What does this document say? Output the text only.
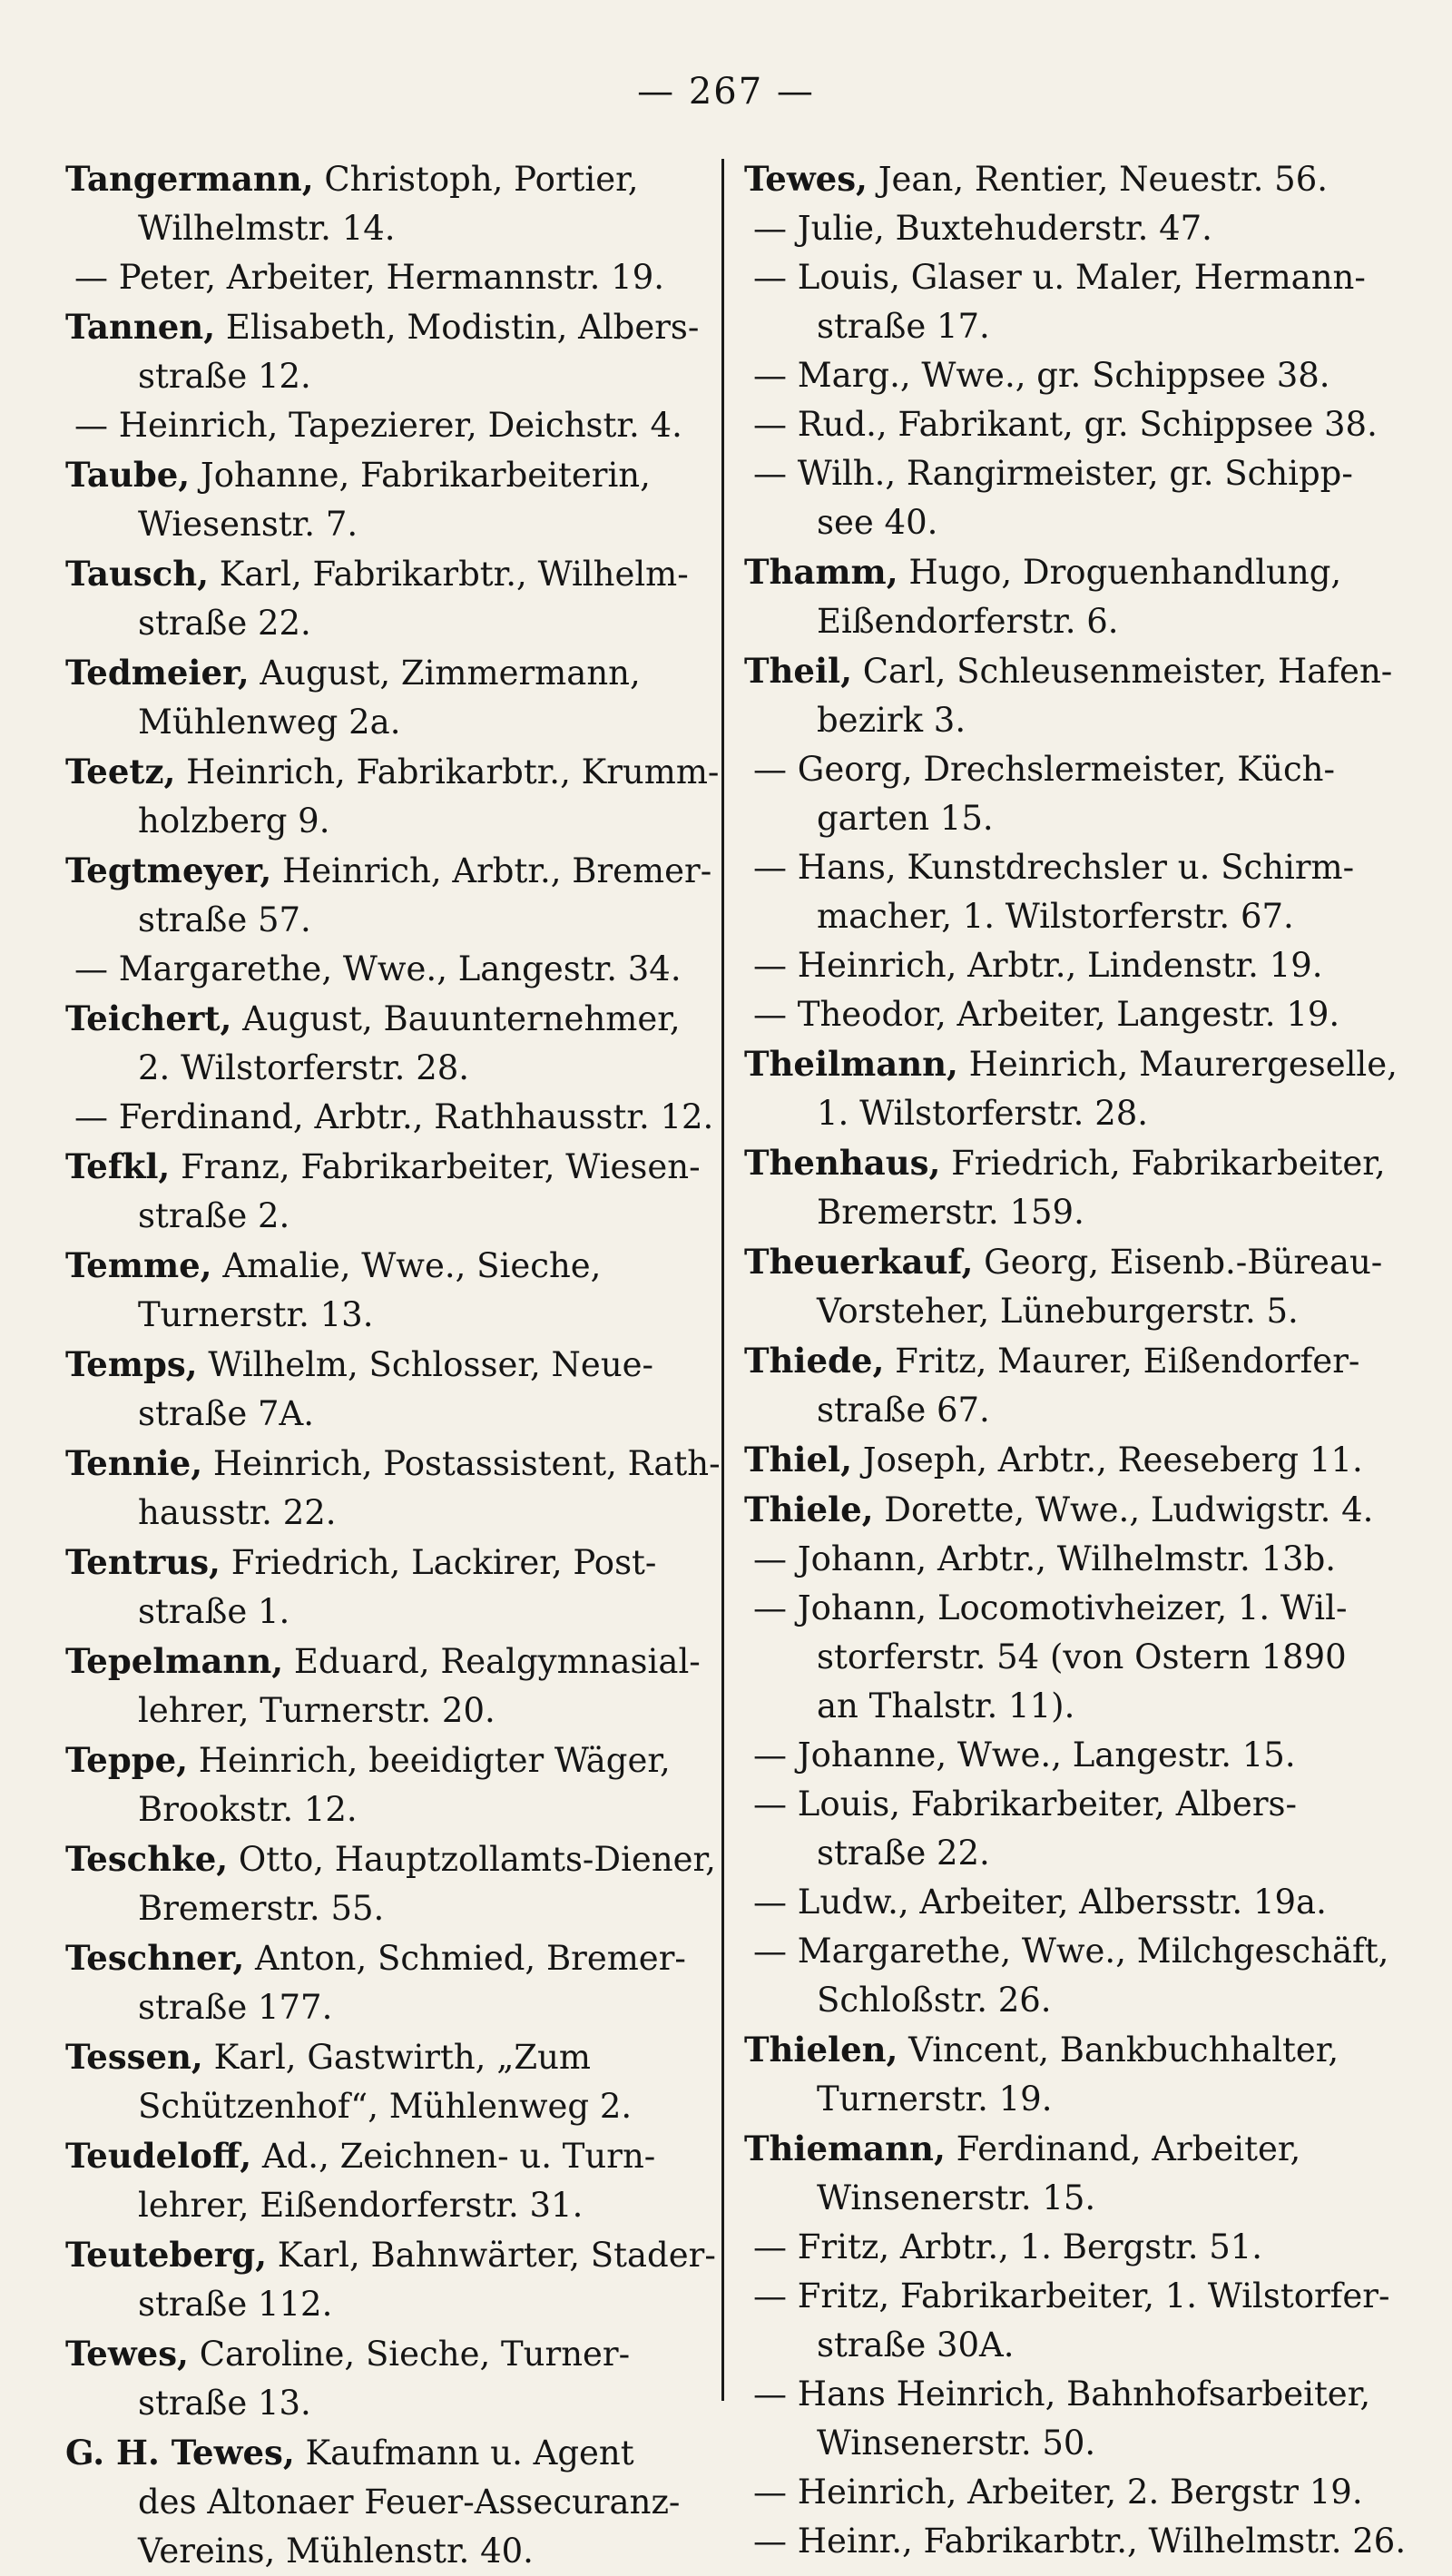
— 267 —
Tangermann, Christoph, Portier,
Wilhelmstr. 14.
— Peter, Arbeiter, Hermannstr. 19.
Tannen, Elisabeth, Modistin, Albers-
straße 12.
— Heinrich, Tapezierer, Deichstr. 4.
Taube, Johanne, Fabrikarbeiterin,
Wiesenstr. 7.
Tausch, Karl, Fabrikarbtr., Wilhelm-
straße 22.
Tedmeier, August, Zimmermann,
Mühlenweg 2a.
Teetz, Heinrich, Fabrikarbtr., Krumm-
holzberg 9.
Tegtmeyer, Heinrich, Arbtr., Bremer-
straße 57.
— Margarethe, Wwe., Langestr. 34.
Teichert, August, Bauunternehmer,
2. Wilstorferstr. 28.
— Ferdinand, Arbtr., Rathhausstr. 12.
Tefkl, Franz, Fabrikarbeiter, Wiesen-
straße 2.
Temme, Amalie, Wwe., Sieche,
Turnerstr. 13.
Temps, Wilhelm, Schlosser, Neue-
straße 7A.
Tennie, Heinrich, Postassistent, Rath-
hausstr. 22.
Tentrus, Friedrich, Lackirer, Post-
straße 1.
Tepelmann, Eduard, Realgymnasial-
lehrer, Turnerstr. 20.
Teppe, Heinrich, beeidigter Wäger,
Brookstr. 12.
Teschke, Otto, Hauptzollamts-Diener,
Bremerstr. 55.
Teschner, Anton, Schmied, Bremer-
straße 177.
Tessen, Karl, Gastwirth, „Zum
Schützenhof“, Mühlenweg 2.
Teudeloff, Ad., Zeichnen- u. Turn-
lehrer, Eißendorferstr. 31.
Teuteberg, Karl, Bahnwärter, Stader-
straße 112.
Tewes, Caroline, Sieche, Turner-
straße 13.
G. H. Tewes, Kaufmann u. Agent
des Altonaer Feuer-Assecuranz-
Vereins, Mühlenstr. 40.
Tewes, Jean, Rentier, Neuestr. 56.
— Julie, Buxtehuderstr. 47.
— Louis, Glaser u. Maler, Hermann-
straße 17.
— Marg., Wwe., gr. Schippsee 38.
— Rud., Fabrikant, gr. Schippsee 38.
— Wilh., Rangirmeister, gr. Schipp-
see 40.
Thamm, Hugo, Droguenhandlung,
Eißendorferstr. 6.
Theil, Carl, Schleusenmeister, Hafen-
bezirk 3.
— Georg, Drechslermeister, Küch-
garten 15.
— Hans, Kunstdrechsler u. Schirm-
macher, 1. Wilstorferstr. 67.
— Heinrich, Arbtr., Lindenstr. 19.
— Theodor, Arbeiter, Langestr. 19.
Theilmann, Heinrich, Maurergeselle,
1. Wilstorferstr. 28.
Thenhaus, Friedrich, Fabrikarbeiter,
Bremerstr. 159.
Theuerkauf, Georg, Eisenb.-Büreau-
Vorsteher, Lüneburgerstr. 5.
Thiede, Fritz, Maurer, Eißendorfer-
straße 67.
Thiel, Joseph, Arbtr., Reeseberg 11.
Thiele, Dorette, Wwe., Ludwigstr. 4.
— Johann, Arbtr., Wilhelmstr. 13b.
— Johann, Locomotivheizer, 1. Wil-
storferstr. 54 (von Ostern 1890
an Thalstr. 11).
— Johanne, Wwe., Langestr. 15.
— Louis, Fabrikarbeiter, Albers-
straße 22.
— Ludw., Arbeiter, Albersstr. 19a.
— Margarethe, Wwe., Milchgeschäft,
Schloßstr. 26.
Thielen, Vincent, Bankbuchhalter,
Turnerstr. 19.
Thiemann, Ferdinand, Arbeiter,
Winsenerstr. 15.
— Fritz, Arbtr., 1. Bergstr. 51.
— Fritz, Fabrikarbeiter, 1. Wilstorfer-
straße 30A.
— Hans Heinrich, Bahnhofsarbeiter,
Winsenerstr. 50.
— Heinrich, Arbeiter, 2. Bergstr 19.
— Heinr., Fabrikarbtr., Wilhelmstr. 26.
